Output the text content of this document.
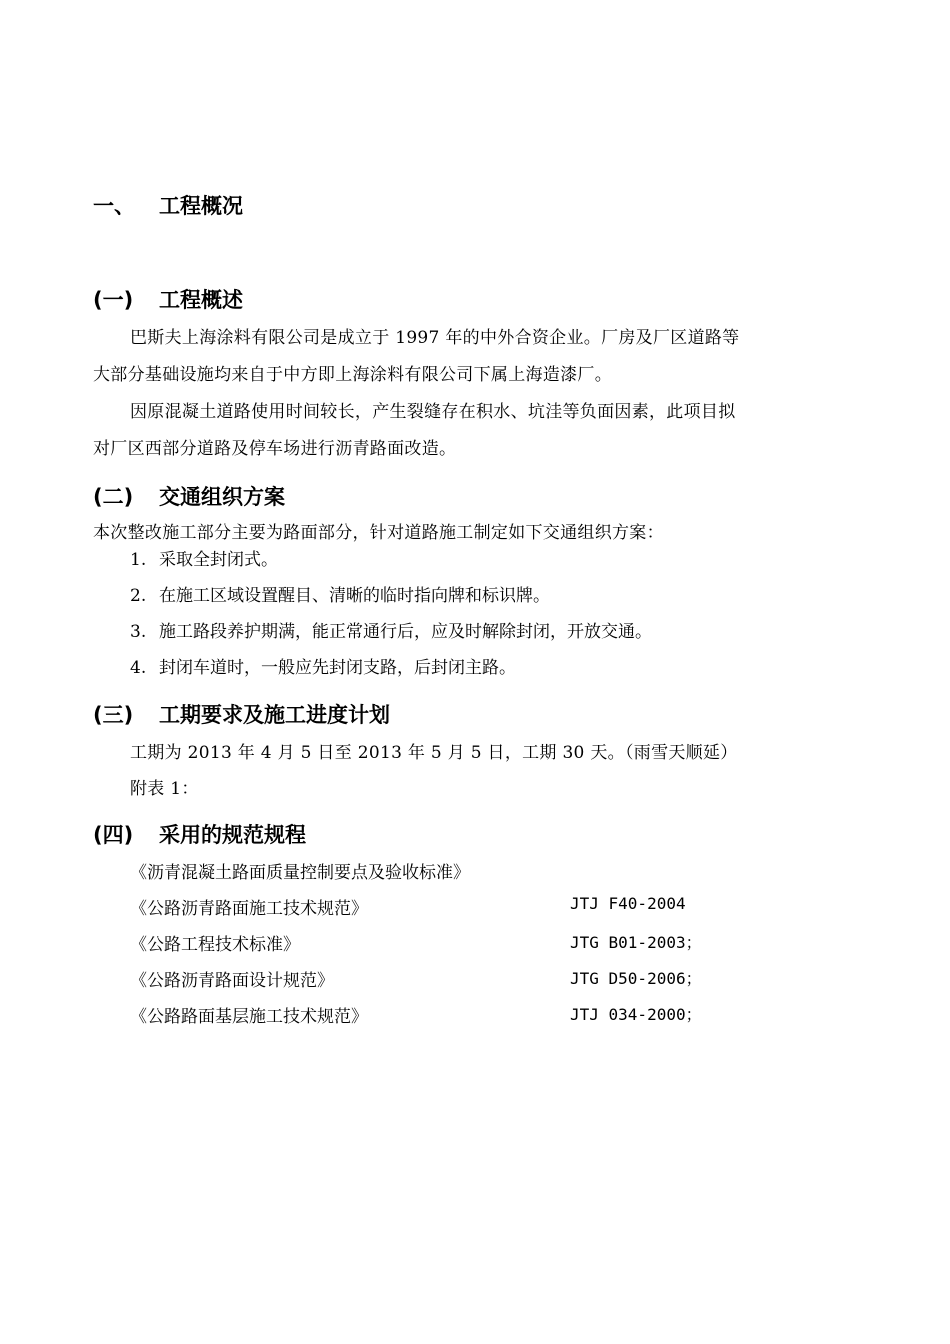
一、 工程概况
(一) 工程概述
巴斯夫上海涂料有限公司是成立于 1997 年的中外合资企业。厂房及厂区道路等
大部分基础设施均来自于中方即上海涂料有限公司下属上海造漆厂。
因原混凝土道路使用时间较长，产生裂缝存在积水、坑洼等负面因素，此项目拟
对厂区西部分道路及停车场进行沥青路面改造。
(二) 交通组织方案
本次整改施工部分主要为路面部分，针对道路施工制定如下交通组织方案：
1. 采取全封闭式。
2. 在施工区域设置醒目、清晰的临时指向牌和标识牌。
3. 施工路段养护期满，能正常通行后，应及时解除封闭，开放交通。
4. 封闭车道时，一般应先封闭支路，后封闭主路。
(三) 工期要求及施工进度计划
工期为 2013 年 4 月 5 日至 2013 年 5 月 5 日，工期 30 天。（雨雪天顺延）
附表 1：
(四) 采用的规范规程
《沥青混凝土路面质量控制要点及验收标准》
《公路沥青路面施工技术规范》	JTJ F40-2004
《公路工程技术标准》	JTG B01-2003；
《公路沥青路面设计规范》	JTG D50-2006；
《公路路面基层施工技术规范》	JTJ 034-2000；
